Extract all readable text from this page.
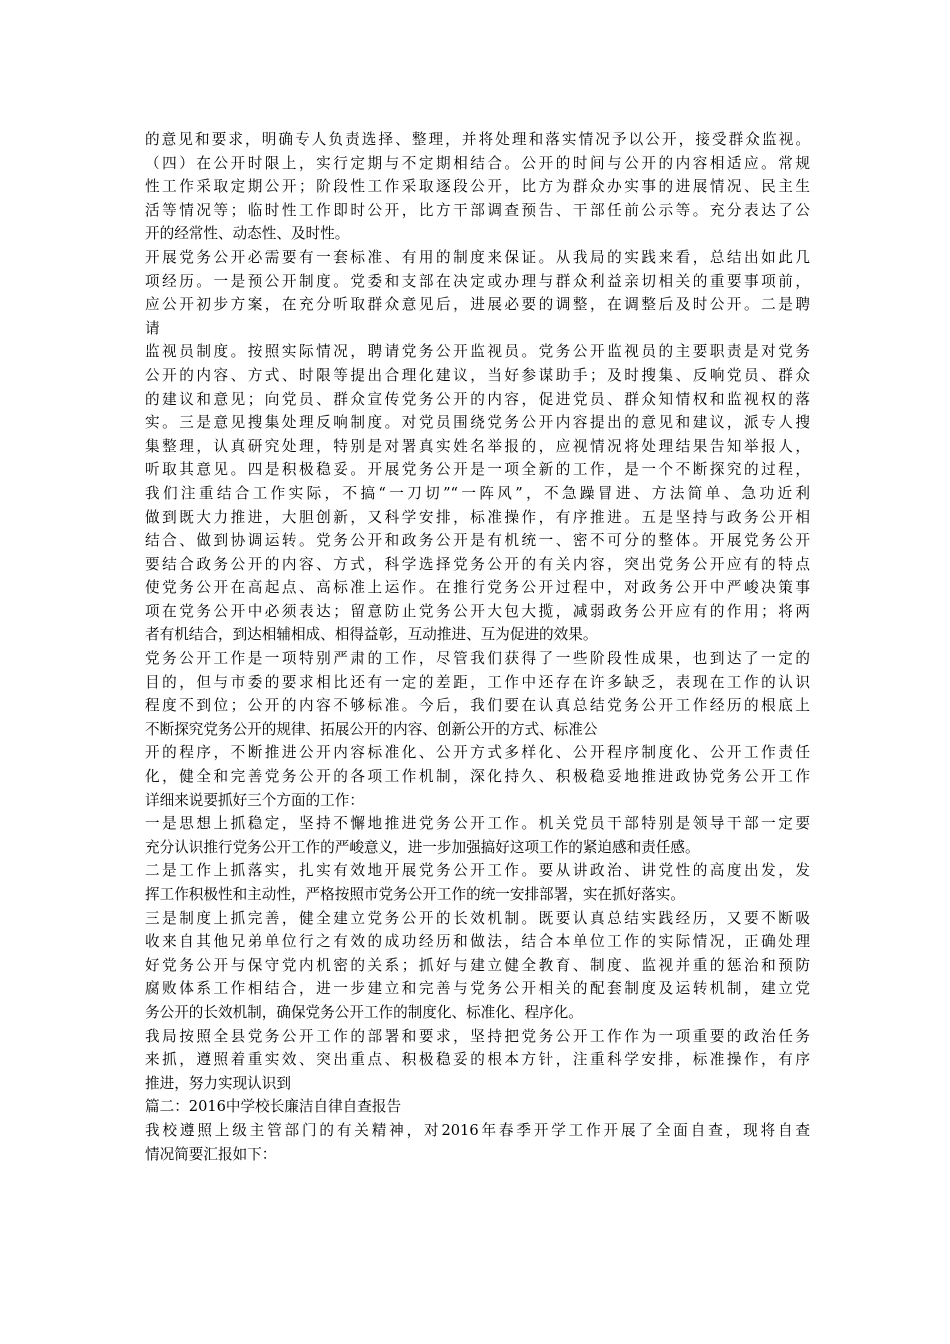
的意见和要求，明确专人负责选择、整理，并将处理和落实情况予以公开，接受群众监视。
（四）在公开时限上，实行定期与不定期相结合。公开的时间与公开的内容相适应。常规
性工作采取定期公开；阶段性工作采取逐段公开，比方为群众办实事的进展情况、民主生
活等情况等；临时性工作即时公开，比方干部调查预告、干部任前公示等。充分表达了公
开的经常性、动态性、及时性。
开展党务公开必需要有一套标准、有用的制度来保证。从我局的实践来看，总结出如此几
项经历。一是预公开制度。党委和支部在决定或办理与群众利益亲切相关的重要事项前，
应公开初步方案，在充分听取群众意见后，进展必要的调整，在调整后及时公开。二是聘
请
监视员制度。按照实际情况，聘请党务公开监视员。党务公开监视员的主要职责是对党务
公开的内容、方式、时限等提出合理化建议，当好参谋助手；及时搜集、反响党员、群众
的建议和意见；向党员、群众宣传党务公开的内容，促进党员、群众知情权和监视权的落
实。三是意见搜集处理反响制度。对党员围绕党务公开内容提出的意见和建议，派专人搜
集整理，认真研究处理，特别是对署真实姓名举报的，应视情况将处理结果告知举报人，
听取其意见。四是积极稳妥。开展党务公开是一项全新的工作，是一个不断探究的过程，
我们注重结合工作实际，不搞“一刀切”“一阵风”，不急躁冒进、方法简单、急功近利
做到既大力推进，大胆创新，又科学安排，标准操作，有序推进。五是坚持与政务公开相
结合、做到协调运转。党务公开和政务公开是有机统一、密不可分的整体。开展党务公开
要结合政务公开的内容、方式，科学选择党务公开的有关内容，突出党务公开应有的特点
使党务公开在高起点、高标准上运作。在推行党务公开过程中，对政务公开中严峻决策事
项在党务公开中必须表达；留意防止党务公开大包大揽，减弱政务公开应有的作用；将两
者有机结合，到达相辅相成、相得益彰，互动推进、互为促进的效果。
党务公开工作是一项特别严肃的工作，尽管我们获得了一些阶段性成果，也到达了一定的
目的，但与市委的要求相比还有一定的差距，工作中还存在许多缺乏，表现在工作的认识
程度不到位；公开的内容不够标准。今后，我们要在认真总结党务公开工作经历的根底上
不断探究党务公开的规律、拓展公开的内容、创新公开的方式、标准公
开的程序，不断推进公开内容标准化、公开方式多样化、公开程序制度化、公开工作责任
化，健全和完善党务公开的各项工作机制，深化持久、积极稳妥地推进政协党务公开工作
详细来说要抓好三个方面的工作：
一是思想上抓稳定，坚持不懈地推进党务公开工作。机关党员干部特别是领导干部一定要
充分认识推行党务公开工作的严峻意义，进一步加强搞好这项工作的紧迫感和责任感。
二是工作上抓落实，扎实有效地开展党务公开工作。要从讲政治、讲党性的高度出发，发
挥工作积极性和主动性，严格按照市党务公开工作的统一安排部署，实在抓好落实。
三是制度上抓完善，健全建立党务公开的长效机制。既要认真总结实践经历，又要不断吸
收来自其他兄弟单位行之有效的成功经历和做法，结合本单位工作的实际情况，正确处理
好党务公开与保守党内机密的关系；抓好与建立健全教育、制度、监视并重的惩治和预防
腐败体系工作相结合，进一步建立和完善与党务公开相关的配套制度及运转机制，建立党
务公开的长效机制，确保党务公开工作的制度化、标准化、程序化。
我局按照全县党务公开工作的部署和要求，坚持把党务公开工作作为一项重要的政治任务
来抓，遵照着重实效、突出重点、积极稳妥的根本方针，注重科学安排，标准操作，有序
推进，努力实现认识到
篇二：2016中学校长廉洁自律自查报告
我校遵照上级主管部门的有关精神，对2016年春季开学工作开展了全面自查，现将自查
情况简要汇报如下：
